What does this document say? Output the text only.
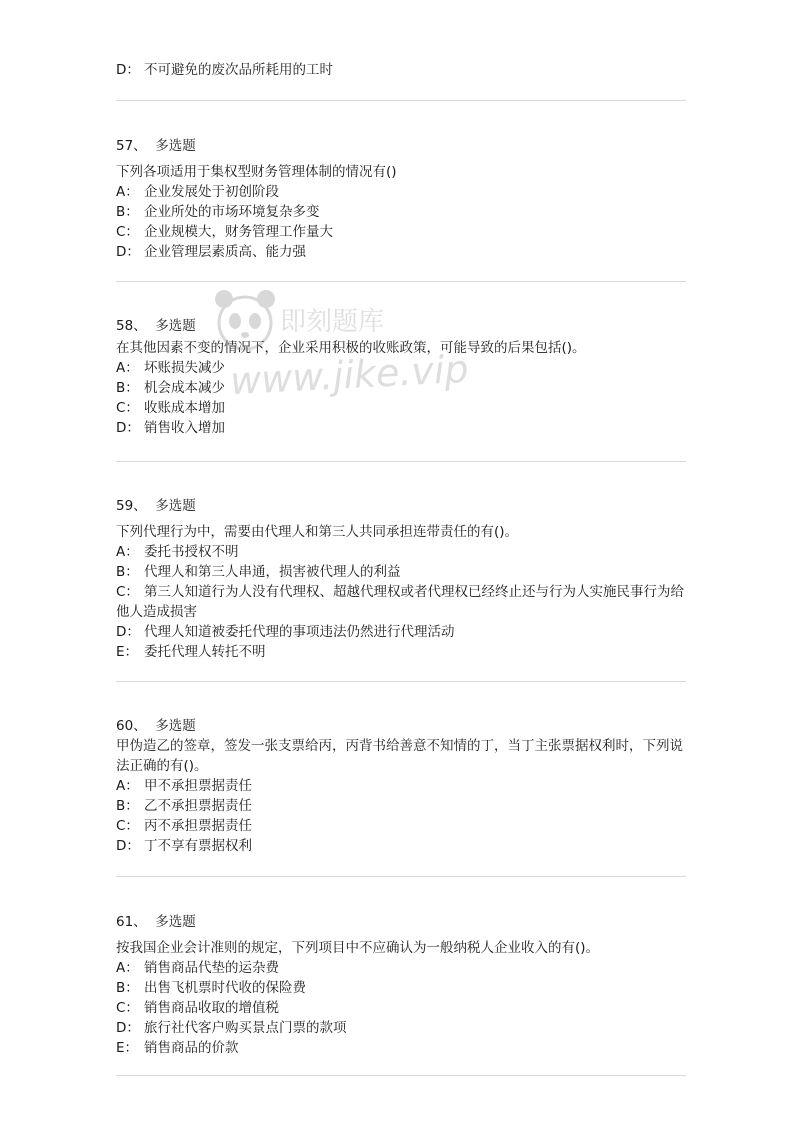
D： 不可避免的废次品所耗用的工时
57、 多选题
下列各项适用于集权型财务管理体制的情况有()
A： 企业发展处于初创阶段
B： 企业所处的市场环境复杂多变
C： 企业规模大，财务管理工作量大
D： 企业管理层素质高、能力强
58、 多选题
在其他因素不变的情况下，企业采用积极的收账政策，可能导致的后果包括()。
A： 坏账损失减少
B： 机会成本减少
C： 收账成本增加
D： 销售收入增加
59、 多选题
下列代理行为中，需要由代理人和第三人共同承担连带责任的有()。
A： 委托书授权不明
B： 代理人和第三人串通，损害被代理人的利益
C： 第三人知道行为人没有代理权、超越代理权或者代理权已经终止还与行为人实施民事行为给他人造成损害
D： 代理人知道被委托代理的事项违法仍然进行代理活动
E： 委托代理人转托不明
60、 多选题
甲伪造乙的签章，签发一张支票给丙，丙背书给善意不知情的丁，当丁主张票据权利时，下列说法正确的有()。
A： 甲不承担票据责任
B： 乙不承担票据责任
C： 丙不承担票据责任
D： 丁不享有票据权利
61、 多选题
按我国企业会计准则的规定，下列项目中不应确认为一般纳税人企业收入的有()。
A： 销售商品代垫的运杂费
B： 出售飞机票时代收的保险费
C： 销售商品收取的增值税
D： 旅行社代客户购买景点门票的款项
E： 销售商品的价款
即刻题库
www.jike.vip
